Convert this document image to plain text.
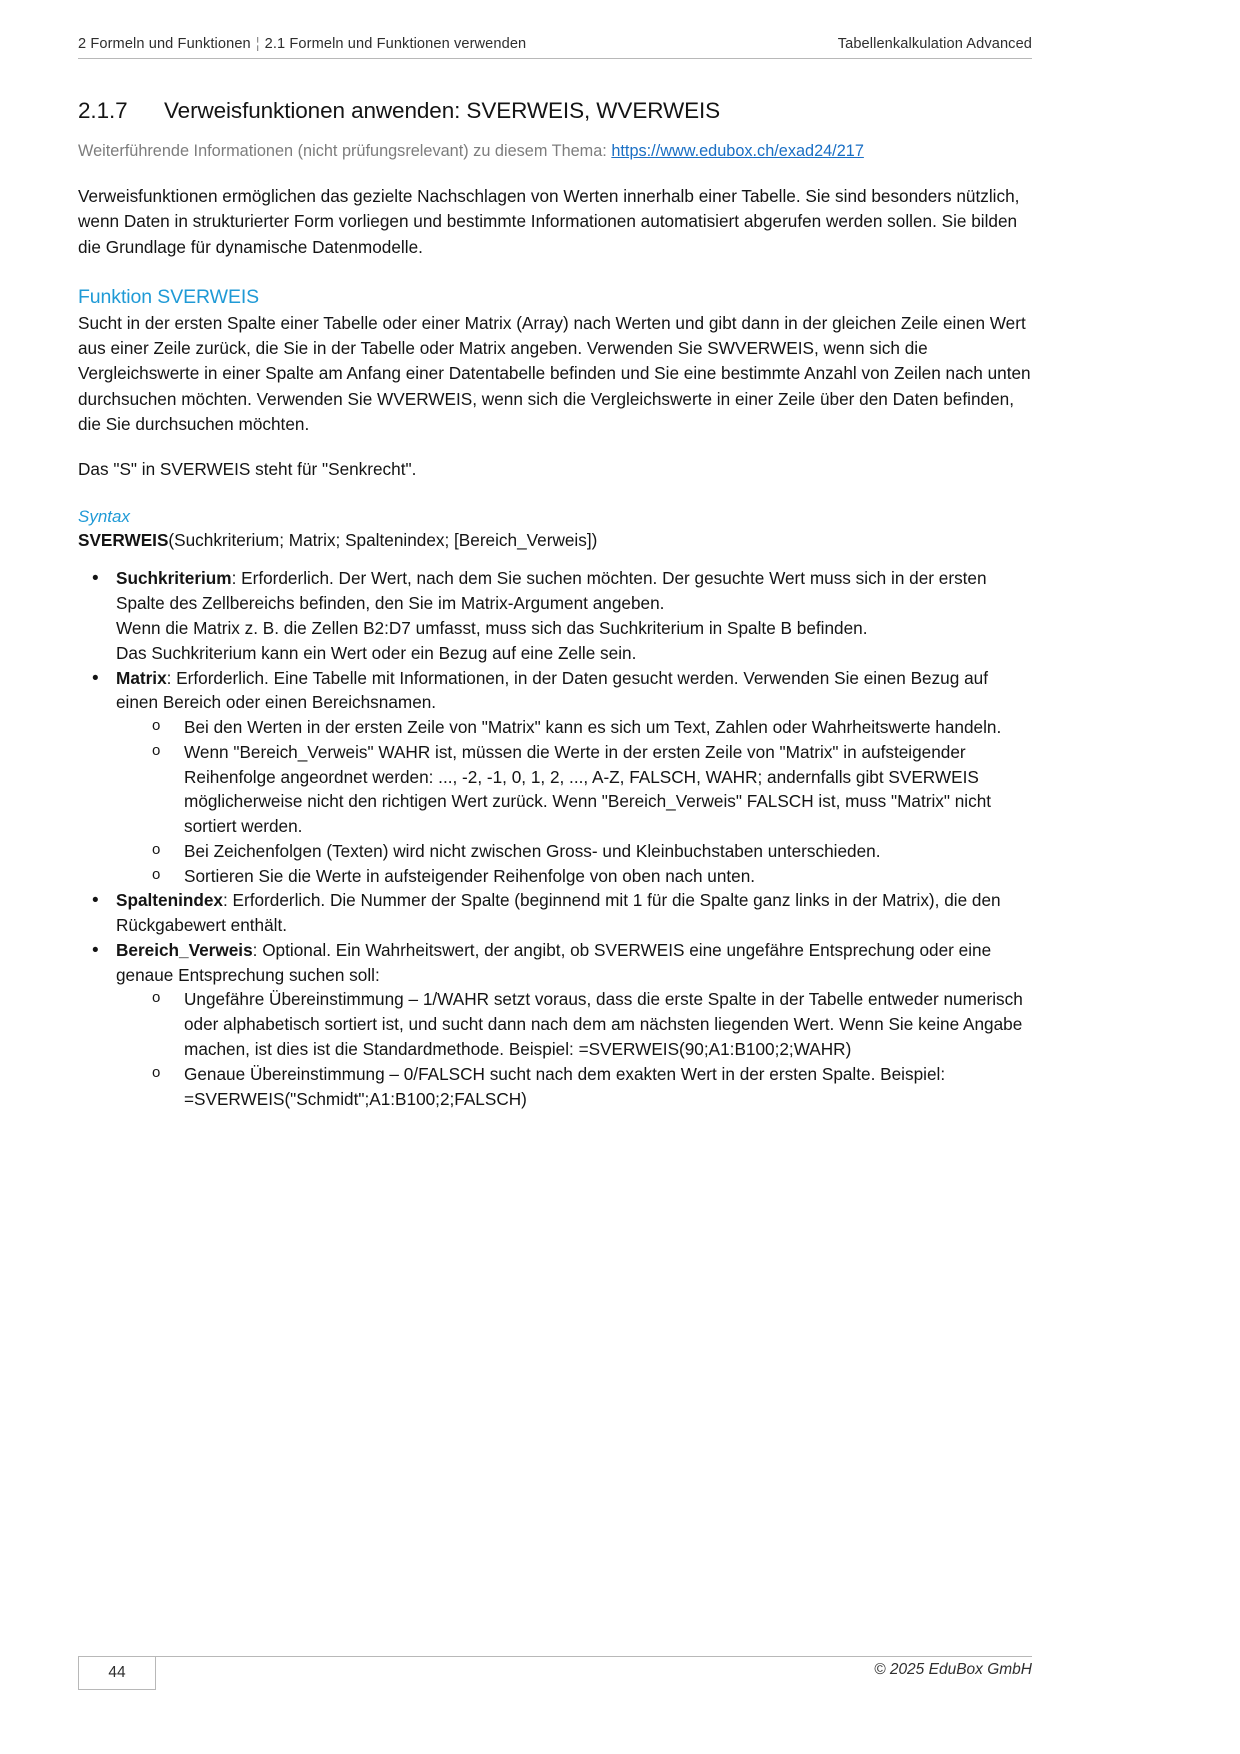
2 Formeln und Funktionen ¦ 2.1 Formeln und Funktionen verwenden	Tabellenkalkulation Advanced
2.1.7	Verweisfunktionen anwenden: SVERWEIS, WVERWEIS

Weiterführende Informationen (nicht prüfungsrelevant) zu diesem Thema: https://www.edubox.ch/exad24/217

Verweisfunktionen ermöglichen das gezielte Nachschlagen von Werten innerhalb einer Tabelle. Sie sind besonders nützlich, wenn Daten in strukturierter Form vorliegen und bestimmte Informationen automatisiert abgerufen werden sollen. Sie bilden die Grundlage für dynamische Datenmodelle.

Funktion SVERWEIS

Sucht in der ersten Spalte einer Tabelle oder einer Matrix (Array) nach Werten und gibt dann in der gleichen Zeile einen Wert aus einer Zeile zurück, die Sie in der Tabelle oder Matrix angeben. Verwenden Sie SWVERWEIS, wenn sich die Vergleichswerte in einer Spalte am Anfang einer Datentabelle befinden und Sie eine bestimmte Anzahl von Zeilen nach unten durchsuchen möchten. Verwenden Sie WVERWEIS, wenn sich die Vergleichswerte in einer Zeile über den Daten befinden, die Sie durchsuchen möchten.

Das "S" in SVERWEIS steht für "Senkrecht".

Syntax

SVERWEIS(Suchkriterium; Matrix; Spaltenindex; [Bereich_Verweis])

• Suchkriterium: Erforderlich. Der Wert, nach dem Sie suchen möchten. Der gesuchte Wert muss sich in der ersten Spalte des Zellbereichs befinden, den Sie im Matrix-Argument angeben.
Wenn die Matrix z. B. die Zellen B2:D7 umfasst, muss sich das Suchkriterium in Spalte B befinden.
Das Suchkriterium kann ein Wert oder ein Bezug auf eine Zelle sein.
• Matrix: Erforderlich. Eine Tabelle mit Informationen, in der Daten gesucht werden. Verwenden Sie einen Bezug auf einen Bereich oder einen Bereichsnamen.
o Bei den Werten in der ersten Zeile von "Matrix" kann es sich um Text, Zahlen oder Wahrheitswerte handeln.
o Wenn "Bereich_Verweis" WAHR ist, müssen die Werte in der ersten Zeile von "Matrix" in aufsteigender Reihenfolge angeordnet werden: ..., -2, -1, 0, 1, 2, ..., A-Z, FALSCH, WAHR; andernfalls gibt SVERWEIS möglicherweise nicht den richtigen Wert zurück. Wenn "Bereich_Verweis" FALSCH ist, muss "Matrix" nicht sortiert werden.
o Bei Zeichenfolgen (Texten) wird nicht zwischen Gross- und Kleinbuchstaben unterschieden.
o Sortieren Sie die Werte in aufsteigender Reihenfolge von oben nach unten.
• Spaltenindex: Erforderlich. Die Nummer der Spalte (beginnend mit 1 für die Spalte ganz links in der Matrix), die den Rückgabewert enthält.
• Bereich_Verweis: Optional. Ein Wahrheitswert, der angibt, ob SVERWEIS eine ungefähre Entsprechung oder eine genaue Entsprechung suchen soll:
o Ungefähre Übereinstimmung – 1/WAHR setzt voraus, dass die erste Spalte in der Tabelle entweder numerisch oder alphabetisch sortiert ist, und sucht dann nach dem am nächsten liegenden Wert. Wenn Sie keine Angabe machen, ist dies ist die Standardmethode. Beispiel: =SVERWEIS(90;A1:B100;2;WAHR)
o Genaue Übereinstimmung – 0/FALSCH sucht nach dem exakten Wert in der ersten Spalte. Beispiel: =SVERWEIS("Schmidt";A1:B100;2;FALSCH)
44	© 2025 EduBox GmbH
